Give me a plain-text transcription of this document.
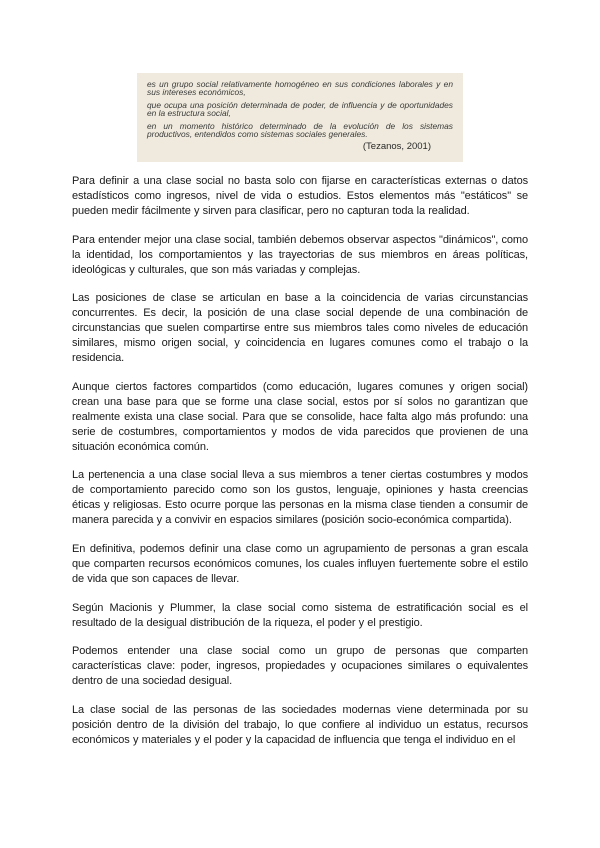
es un grupo social relativamente homogéneo en sus condiciones laborales y en sus intereses económicos,

que ocupa una posición determinada de poder, de influencia y de oportunidades en la estructura social,

en un momento histórico determinado de la evolución de los sistemas productivos, entendidos como sistemas sociales generales.

(Tezanos, 2001)

Para definir a una clase social no basta solo con fijarse en características externas o datos estadísticos como ingresos, nivel de vida o estudios. Estos elementos más "estáticos" se pueden medir fácilmente y sirven para clasificar, pero no capturan toda la realidad.

Para entender mejor una clase social, también debemos observar aspectos "dinámicos", como la identidad, los comportamientos y las trayectorias de sus miembros en áreas políticas, ideológicas y culturales, que son más variadas y complejas.

Las posiciones de clase se articulan en base a la coincidencia de varias circunstancias concurrentes. Es decir, la posición de una clase social depende de una combinación de circunstancias que suelen compartirse entre sus miembros tales como niveles de educación similares, mismo origen social, y coincidencia en lugares comunes como el trabajo o la residencia.

Aunque ciertos factores compartidos (como educación, lugares comunes y origen social) crean una base para que se forme una clase social, estos por sí solos no garantizan que realmente exista una clase social. Para que se consolide, hace falta algo más profundo: una serie de costumbres, comportamientos y modos de vida parecidos que provienen de una situación económica común.

La pertenencia a una clase social lleva a sus miembros a tener ciertas costumbres y modos de comportamiento parecido como son los gustos, lenguaje, opiniones y hasta creencias éticas y religiosas. Esto ocurre porque las personas en la misma clase tienden a consumir de manera parecida y a convivir en espacios similares (posición socio-económica compartida).

En definitiva, podemos definir una clase como un agrupamiento de personas a gran escala que comparten recursos económicos comunes, los cuales influyen fuertemente sobre el estilo de vida que son capaces de llevar.

Según Macionis y Plummer, la clase social como sistema de estratificación social es el resultado de la desigual distribución de la riqueza, el poder y el prestigio.

Podemos entender una clase social como un grupo de personas que comparten características clave: poder, ingresos, propiedades y ocupaciones similares o equivalentes dentro de una sociedad desigual.

La clase social de las personas de las sociedades modernas viene determinada por su posición dentro de la división del trabajo, lo que confiere al individuo un estatus, recursos económicos y materiales y el poder y la capacidad de influencia que tenga el individuo en el
